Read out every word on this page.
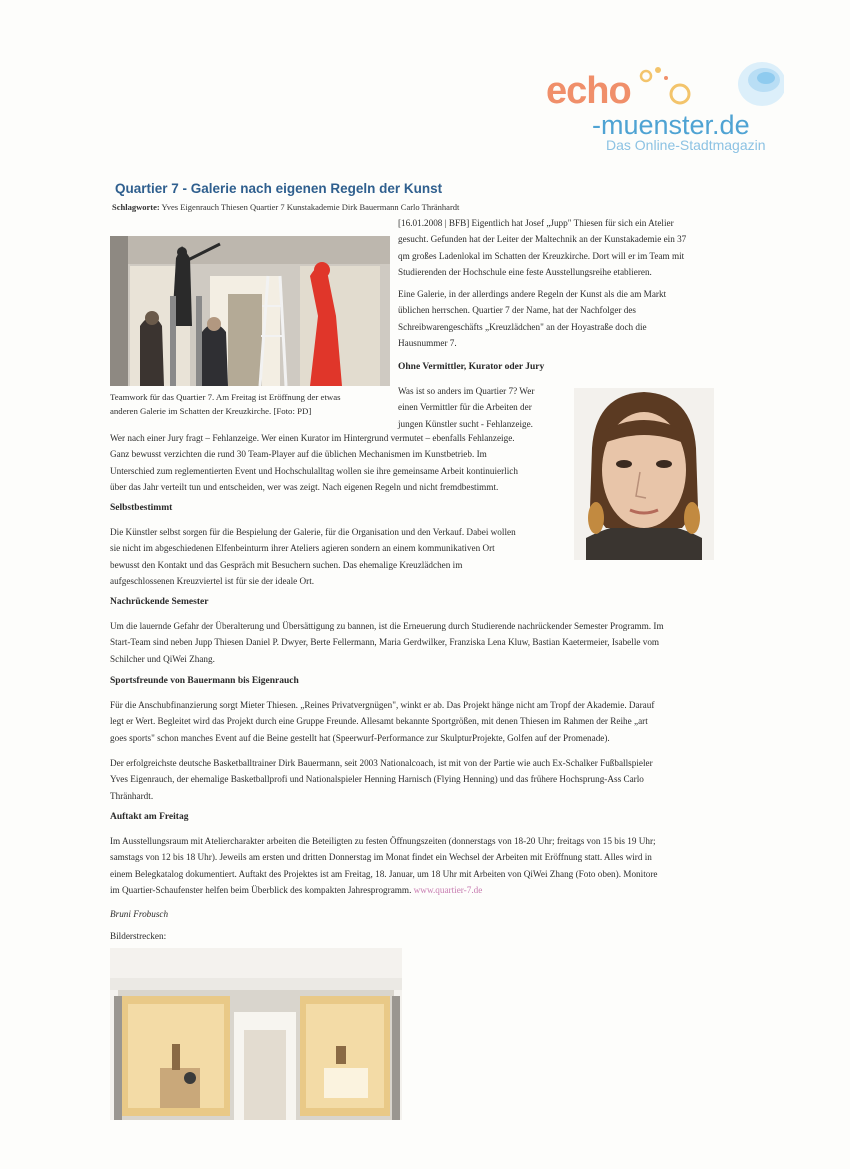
echo
-muenster.de
Das Online-Stadtmagazin
Quartier 7 - Galerie nach eigenen Regeln der Kunst
Schlagworte: Yves Eigenrauch Thiesen Quartier 7 Kunstakademie Dirk Bauermann Carlo Thränhardt
[16.01.2008 | BFB] Eigentlich hat Josef „Jupp" Thiesen für sich ein Atelier
gesucht. Gefunden hat der Leiter der Maltechnik an der Kunstakademie ein 37
qm großes Ladenlokal im Schatten der Kreuzkirche. Dort will er im Team mit
Studierenden der Hochschule eine feste Ausstellungsreihe etablieren.
Eine Galerie, in der allerdings andere Regeln der Kunst als die am Markt
üblichen herrschen. Quartier 7 der Name, hat der Nachfolger des
Schreibwarengeschäfts „Kreuzlädchen" an der Hoyastraße doch die
Hausnummer 7.
Ohne Vermittler, Kurator oder Jury
Was ist so anders im Quartier 7? Wer
einen Vermittler für die Arbeiten der
jungen Künstler sucht - Fehlanzeige.
Teamwork für das Quartier 7. Am Freitag ist Eröffnung der etwas
anderen Galerie im Schatten der Kreuzkirche. [Foto: PD]
Wer nach einer Jury fragt – Fehlanzeige. Wer einen Kurator im Hintergrund vermutet – ebenfalls Fehlanzeige.
Ganz bewusst verzichten die rund 30 Team-Player auf die üblichen Mechanismen im Kunstbetrieb. Im
Unterschied zum reglementierten Event und Hochschulalltag wollen sie ihre gemeinsame Arbeit kontinuierlich
über das Jahr verteilt tun und entscheiden, wer was zeigt. Nach eigenen Regeln und nicht fremdbestimmt.
Selbstbestimmt
Die Künstler selbst sorgen für die Bespielung der Galerie, für die Organisation und den Verkauf. Dabei wollen
sie nicht im abgeschiedenen Elfenbeinturm ihrer Ateliers agieren sondern an einem kommunikativen Ort
bewusst den Kontakt und das Gespräch mit Besuchern suchen. Das ehemalige Kreuzlädchen im
aufgeschlossenen Kreuzviertel ist für sie der ideale Ort.
Nachrückende Semester
Um die lauernde Gefahr der Überalterung und Übersättigung zu bannen, ist die Erneuerung durch Studierende nachrückender Semester Programm. Im
Start-Team sind neben Jupp Thiesen Daniel P. Dwyer, Berte Fellermann, Maria Gerdwilker, Franziska Lena Kluw, Bastian Kaetermeier, Isabelle vom
Schilcher und QiWei Zhang.
Sportsfreunde von Bauermann bis Eigenrauch
Für die Anschubfinanzierung sorgt Mieter Thiesen. „Reines Privatvergnügen", winkt er ab. Das Projekt hänge nicht am Tropf der Akademie. Darauf
legt er Wert. Begleitet wird das Projekt durch eine Gruppe Freunde. Allesamt bekannte Sportgrößen, mit denen Thiesen im Rahmen der Reihe „art
goes sports" schon manches Event auf die Beine gestellt hat (Speerwurf-Performance zur SkulpturProjekte, Golfen auf der Promenade).
Der erfolgreichste deutsche Basketballtrainer Dirk Bauermann, seit 2003 Nationalcoach, ist mit von der Partie wie auch Ex-Schalker Fußballspieler
Yves Eigenrauch, der ehemalige Basketballprofi und Nationalspieler Henning Harnisch (Flying Henning) und das frühere Hochsprung-Ass Carlo
Thränhardt.
Auftakt am Freitag
Im Ausstellungsraum mit Ateliercharakter arbeiten die Beteiligten zu festen Öffnungszeiten (donnerstags von 18-20 Uhr; freitags von 15 bis 19 Uhr;
samstags von 12 bis 18 Uhr). Jeweils am ersten und dritten Donnerstag im Monat findet ein Wechsel der Arbeiten mit Eröffnung statt. Alles wird in
einem Belegkatalog dokumentiert. Auftakt des Projektes ist am Freitag, 18. Januar, um 18 Uhr mit Arbeiten von QiWei Zhang (Foto oben). Monitore
im Quartier-Schaufenster helfen beim Überblick des kompakten Jahresprogramm. www.quartier-7.de
Bruni Frobusch
Bilderstrecken:
